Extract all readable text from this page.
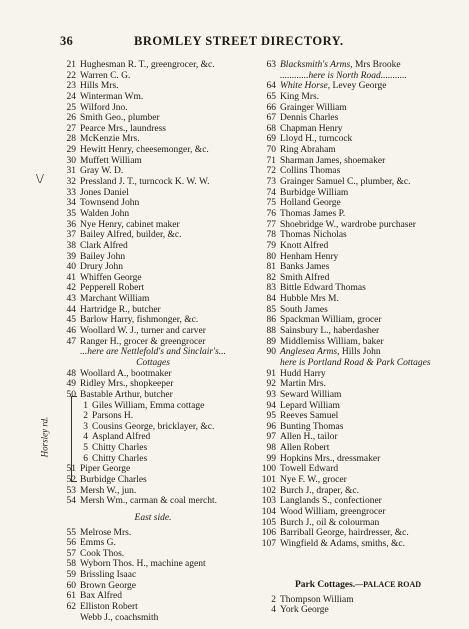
36	BROMLEY STREET DIRECTORY.
\/
21 Hughesman R. T., greengrocer, &c.
22 Warren C. G.
23 Hills Mrs.
24 Winterman Wm.
25 Wilford Jno.
26 Smith Geo., plumber
27 Pearce Mrs., laundress
28 McKenzie Mrs.
29 Hewitt Henry, cheesemonger, &c.
30 Muffett William
31 Gray W. D.
32 Pressland J. T., turncock K. W. W.
33 Jones Daniel
34 Townsend John
35 Walden John
36 Nye Henry, cabinet maker
37 Bailey Alfred, builder, &c.
38 Clark Alfred
39 Bailey John
40 Drury John
41 Whiffen George
42 Pepperell Robert
43 Marchant William
44 Hartridge R., butcher
45 Barlow Harry, fishmonger, &c.
46 Woollard W. J., turner and carver
47 Ranger H., grocer & greengrocer
...here are Nettlefold's and Sinclair's...
Cottages
48 Woollard A., bootmaker
49 Ridley Mrs., shopkeeper
50 Bastable Arthur, butcher
1 Giles William, Emma cottage
2 Parsons H.
3 Cousins George, bricklayer, &c.
4 Aspland Alfred
5 Chitty Charles
6 Chitty Charles
51 Piper George
52 Burbidge Charles
53 Mersh W., jun.
54 Mersh Wm., carman & coal mercht.
East side.
55 Melrose Mrs.
56 Emms G.
57 Cook Thos.
58 Wyborn Thos. H., machine agent
59 Brissling Isaac
60 Brown George
61 Bax Alfred
62 Elliston Robert
Webb J., coachsmith
63 Blacksmith's Arms, Mrs Brooke
............here is North Road...........
64 White Horse, Levey George
65 King Mrs.
66 Grainger William
67 Dennis Charles
68 Chapman Henry
69 Lloyd H., turncock
70 Ring Abraham
71 Sharman James, shoemaker
72 Collins Thomas
73 Grainger Samuel C., plumber, &c.
74 Burbidge William
75 Holland George
76 Thomas James P.
77 Shoebridge W., wardrobe purchaser
78 Thomas Nicholas
79 Knott Alfred
80 Henham Henry
81 Banks James
82 Smith Alfred
83 Bittle Edward Thomas
84 Hubble Mrs M.
85 South James
86 Spackman William, grocer
88 Sainsbury L., haberdasher
89 Middlemiss William, baker
90 Anglesea Arms, Hills John
here is Portland Road & Park Cottages
91 Hudd Harry
92 Martin Mrs.
93 Seward William
94 Lepard William
95 Reeves Samuel
96 Bunting Thomas
97 Allen H., tailor
98 Allen Robert
99 Hopkins Mrs., dressmaker
100 Towell Edward
101 Nye F. W., grocer
102 Burch J., draper, &c.
103 Langlands S., confectioner
104 Wood William, greengrocer
105 Burch J., oil & colourman
106 Barriball George, hairdresser, &c.
107 Wingfield & Adams, smiths, &c.
Horsley rd.
Park Cottages.—PALACE ROAD
2 Thompson William
4 York George
